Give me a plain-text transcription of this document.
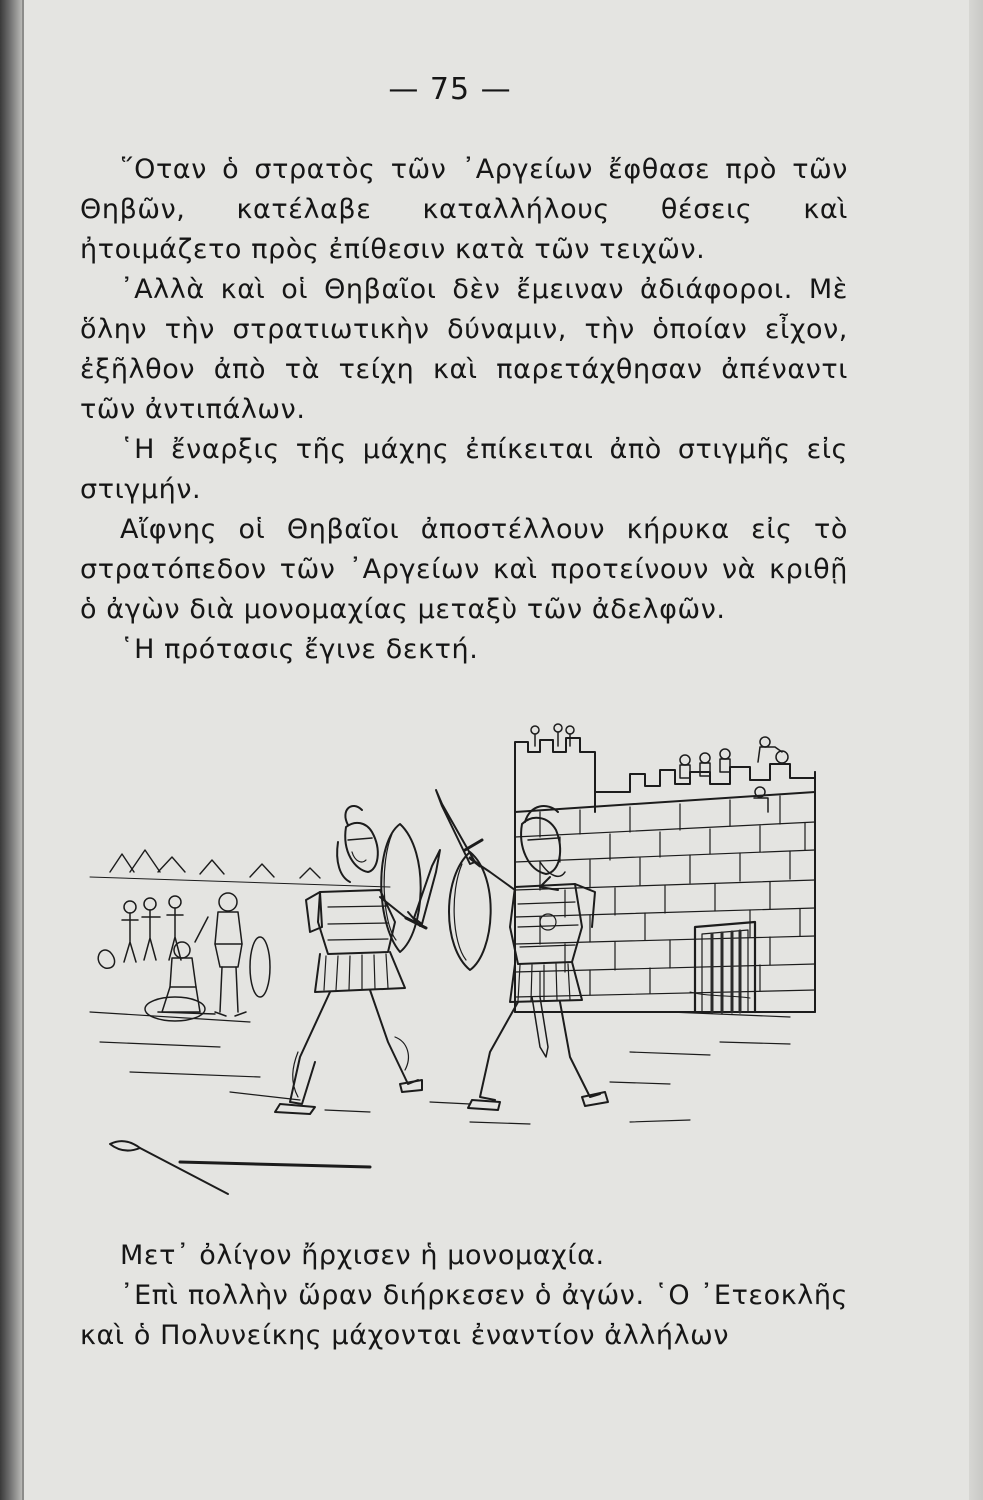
— 75 —

῞Οταν ὁ στρατὸς τῶν ᾿Αργείων ἔφθασε πρὸ τῶν Θηβῶν, κατέλαβε καταλλήλους θέσεις καὶ ἠτοιμάζετο πρὸς ἐπίθεσιν κατὰ τῶν τειχῶν.

᾿Αλλὰ καὶ οἱ Θηβαῖοι δὲν ἔμειναν ἀδιάφοροι. Μὲ ὅλην τὴν στρατιωτικὴν δύναμιν, τὴν ὁποίαν εἶχον, ἐξῆλθον ἀπὸ τὰ τείχη καὶ παρετάχθησαν ἀπέναντι τῶν ἀντιπάλων.

῾Η ἔναρξις τῆς μάχης ἐπίκειται ἀπὸ στιγμῆς εἰς στιγμήν.

Αἴφνης οἱ Θηβαῖοι ἀποστέλλουν κήρυκα εἰς τὸ στρατόπεδον τῶν ᾿Αργείων καὶ προτείνουν νὰ κριθῇ ὁ ἀγὼν διὰ μονομαχίας μεταξὺ τῶν ἀδελφῶν.

῾Η πρότασις ἔγινε δεκτή.

Μετ᾿ ὀλίγον ἤρχισεν ἡ μονομαχία.

᾿Επὶ πολλὴν ὥραν διήρκεσεν ὁ ἀγών. ῾Ο ᾿Ετεοκλῆς καὶ ὁ Πολυνείκης μάχονται ἐναντίον ἀλλήλων
